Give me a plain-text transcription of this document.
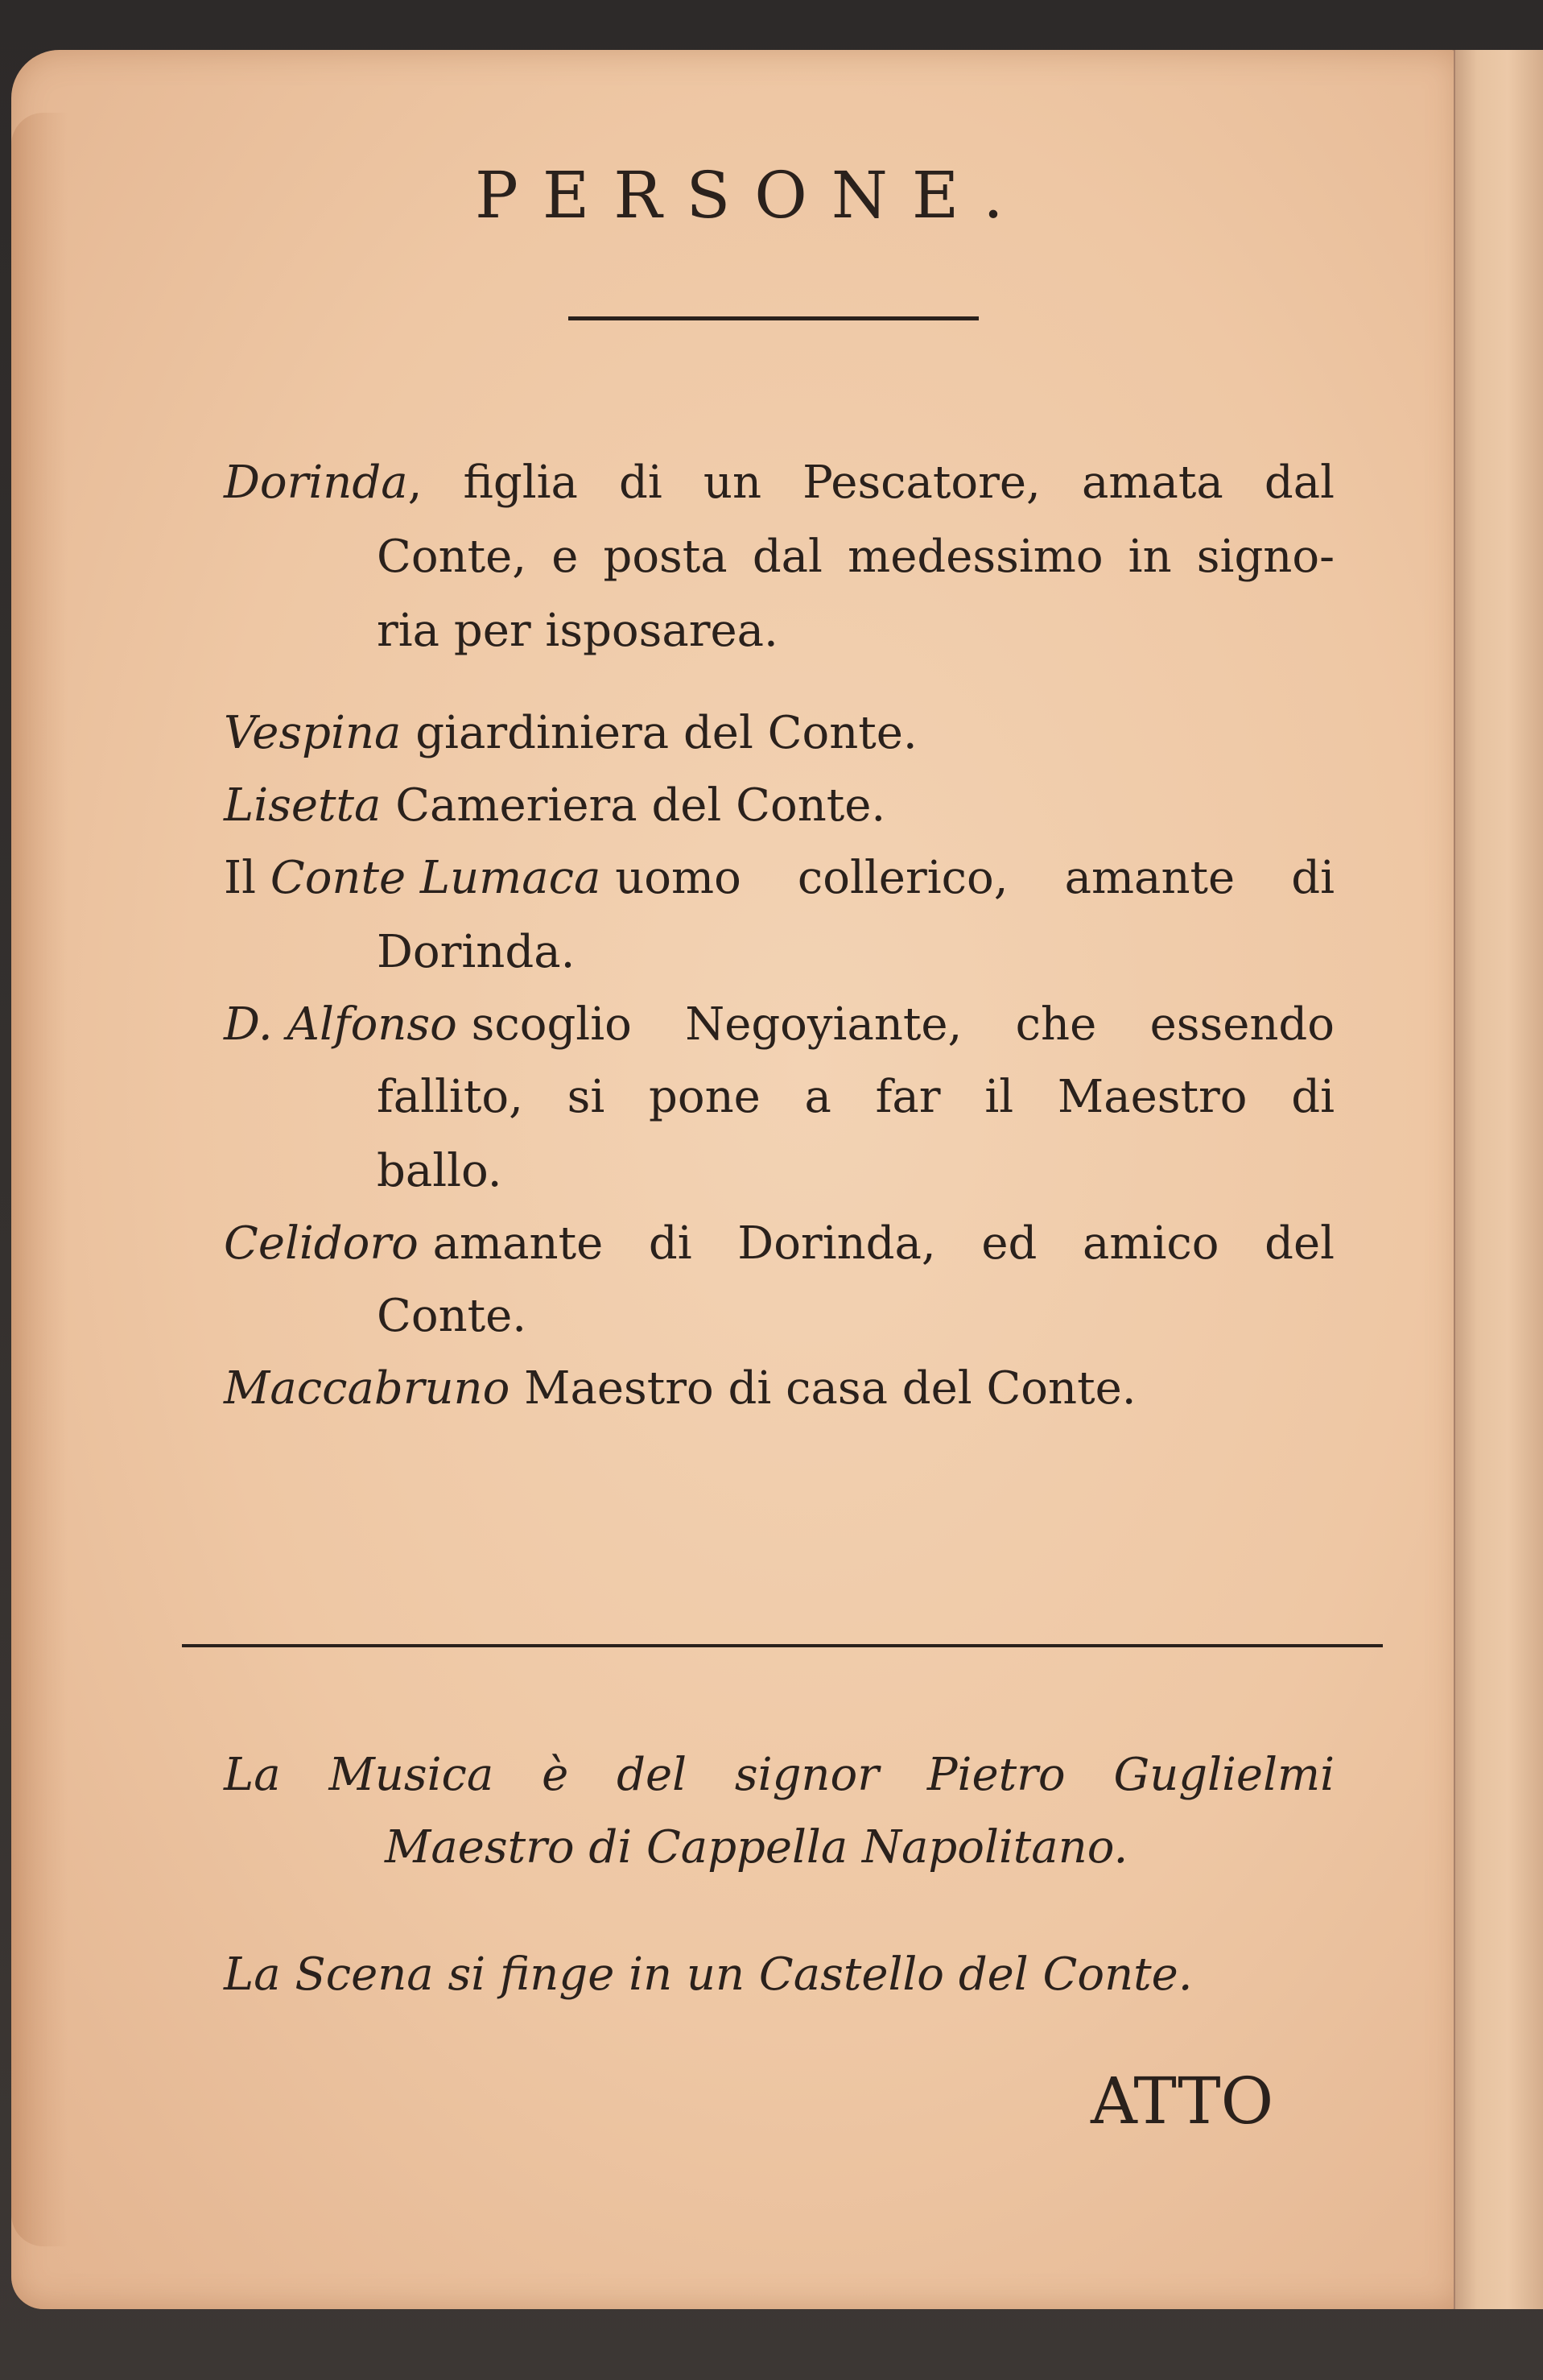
PERSONE.
Dorinda , figlia di un Pescatore, amata dal
Conte, e posta dal medessimo in signo-
ria per isposarea.
Vespina
giardiniera del Conte.
Lisetta
Cameriera del Conte.
Il
Conte Lumaca
uomo collerico, amante di
Dorinda.
D. Alfonso
scoglio Negoyiante, che essendo
fallito, si pone a far il Maestro di
ballo.
Celidoro
amante di Dorinda, ed amico del
Conte.
Maccabruno
Maestro di casa del Conte.
La Musica è del signor Pietro Guglielmi
Maestro di Cappella Napolitano.
La Scena si finge in un Castello del Conte.
ATTO
